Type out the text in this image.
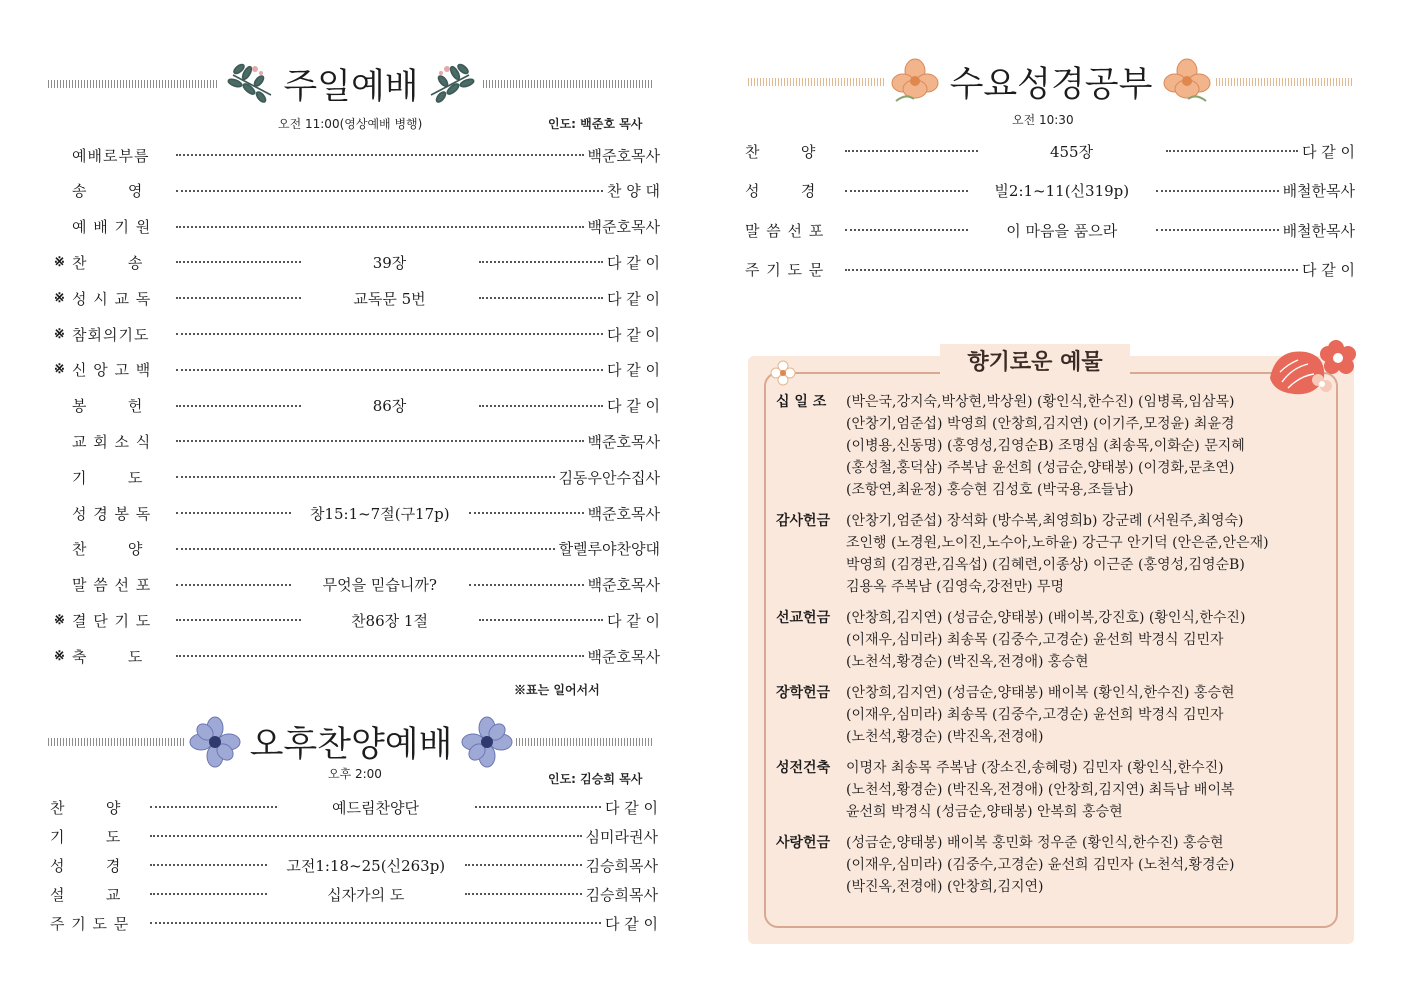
주일예배
오전 11:00(영상예배 병행)	인도: 백준호 목사
예배로부름	백준호목사
송       영	찬 양 대
예 배 기 원	백준호목사
※ 찬       송	39장	다 같 이
※ 성 시 교 독	교독문 5번	다 같 이
※ 참회의기도	다 같 이
※ 신 앙 고 백	다 같 이
봉       헌	86장	다 같 이
교 회 소 식	백준호목사
기       도	김동우안수집사
성 경 봉 독	창15:1~7절(구17p)	백준호목사
찬       양	할렐루야찬양대
말 씀 선 포	무엇을 믿습니까?	백준호목사
※ 결 단 기 도	찬86장 1절	다 같 이
※ 축       도	백준호목사
※표는 일어서서
오후찬양예배
오후 2:00	인도: 김승희 목사
찬       양	예드림찬양단	다 같 이
기       도	심미라권사
성       경	고전1:18~25(신263p)	김승희목사
설       교	십자가의 도	김승희목사
주 기 도 문	다 같 이
수요성경공부
오전 10:30
찬       양	455장	다 같 이
성       경	빌2:1~11(신319p)	배철한목사
말 씀 선 포	이 마음을 품으라	배철한목사
주 기 도 문	다 같 이
향기로운 예물
십 일 조	(박은국,강지숙,박상현,박상원) (황인식,한수진) (임병록,임삼목)
(안창기,엄준섭) 박영희 (안창희,김지연) (이기주,모정윤) 최윤경
(이병용,신동명) (홍영성,김영순B) 조명심 (최송목,이화순) 문지혜
(홍성철,홍덕삼) 주복남 윤선희 (성금순,양태봉) (이경화,문초연)
(조항연,최윤정) 홍승현 김성호 (박국용,조들남)
감사헌금	(안창기,엄준섭) 장석화 (방수복,최영희b) 강군례 (서원주,최영숙)
조인행 (노경원,노이진,노수아,노하윤) 강근구 안기덕 (안은준,안은재)
박영희 (김경관,김옥섭) (김혜련,이종상) 이근준 (홍영성,김영순B)
김용옥 주복남 (김영숙,강전만) 무명
선교헌금	(안창희,김지연) (성금순,양태봉) (배이복,강진호) (황인식,한수진)
(이재우,심미라) 최송목 (김중수,고경순) 윤선희 박경식 김민자
(노천석,황경순) (박진옥,전경애) 홍승현
장학헌금	(안창희,김지연) (성금순,양태봉) 배이복 (황인식,한수진) 홍승현
(이재우,심미라) 최송목 (김중수,고경순) 윤선희 박경식 김민자
(노천석,황경순) (박진옥,전경애)
성전건축	이명자 최송목 주복남 (장소진,송혜령) 김민자 (황인식,한수진)
(노천석,황경순) (박진옥,전경애) (안창희,김지연) 최득남 배이복
윤선희 박경식 (성금순,양태봉) 안복희 홍승현
사랑헌금	(성금순,양태봉) 배이복 홍민화 정우준 (황인식,한수진) 홍승현
(이재우,심미라) (김중수,고경순) 윤선희 김민자 (노천석,황경순)
(박진옥,전경애) (안창희,김지연)
